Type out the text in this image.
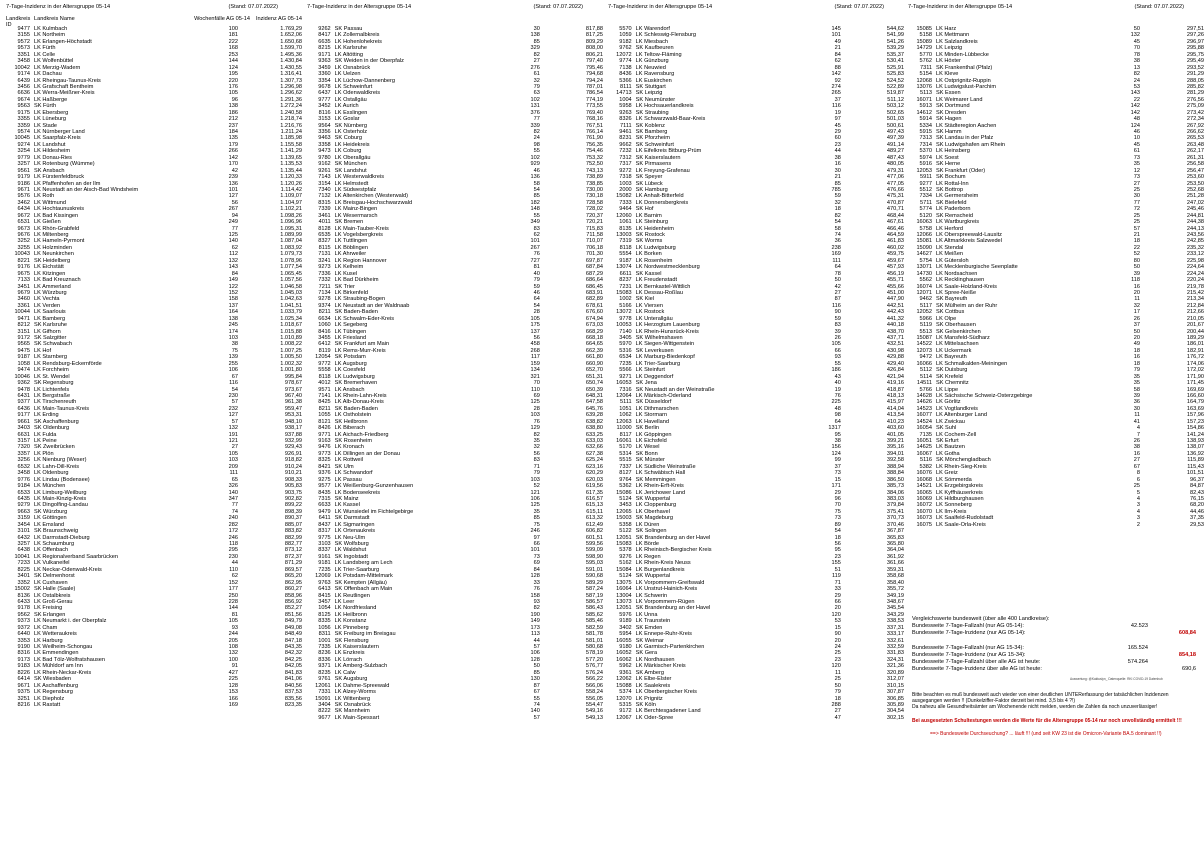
7-Tage-Inzidenz in der Altersgruppe 05-14	(Stand: 07.07.2022)
Landkreis ID
Landkreis Name	Wochenfälle AG 05-14	Inzidenz AG 05-14
9477 LK Kulmbach	100	1.769,29
3155 LK Northeim	181	1.652,06
9572 LK Erlangen-Höchstadt	222	1.650,68
9573 LK Fürth	168	1.599,70
3351 LK Celle	253	1.495,36
3458 LK Wolfenbüttel	144	1.430,84
10042 LK Merzig-Wadern	124	1.430,55
9174 LK Dachau	195	1.316,41
6439 LK Rheingau-Taunus-Kreis	220	1.307,73
3456 LK Grafschaft Bentheim	176	1.296,98
6636 LK Werra-Meißner-Kreis	105	1.296,62
9674 LK Haßberge	96	1.291,36
9563 SK Fürth	138	1.272,24
9175 LK Ebersberg	186	1.240,58
3355 LK Lüneburg	212	1.218,74
3359 LK Stade	237	1.216,76
9574 LK Nürnberger Land	184	1.211,24
10045 LK Saarpfalz-Kreis	135	1.185,98
9274 LK Landshut	179	1.155,58
3254 LK Hildesheim	266	1.141,29
9779 LK Donau-Ries	142	1.139,65
3257 LK Rotenburg (Wümme)	170	1.135,53
9561 SK Ansbach	42	1.135,44
9179 LK Fürstenfeldbruck	239	1.120,33
9186 LK Pfaffenhofen an der Ilm	136	1.120,26
9671 LK Neustadt an der Aisch-Bad Windsheim	101	1.114,42
9576 LK Roth	127	1.109,07
3462 LK Wittmund	56	1.104,97
6434 LK Hochtaunuskreis	267	1.102,21
9672 LK Bad Kissingen	94	1.098,26
6531 LK Gießen	249	1.096,96
9673 LK Rhön-Grabfeld	77	1.095,31
9676 LK Miltenberg	125	1.089,99
3252 LK Hameln-Pyrmont	140	1.087,04
3255 LK Holzminden	62	1.083,92
10043 LK Neunkirchen	112	1.079,73
8221 SK Heidelberg	132	1.078,96
9176 LK Eichstätt	143	1.077,54
9675 LK Kitzingen	84	1.065,45
7133 LK Bad Kreuznach	149	1.057,56
3451 LK Ammerland	122	1.046,58
9679 LK Würzburg	152	1.045,03
3460 LK Vechta	158	1.042,63
3361 LK Verden	137	1.041,51
10044 LK Saarlouis	164	1.033,79
9471 LK Bamberg	138	1.025,34
8212 SK Karlsruhe	245	1.018,67
3151 LK Gifhorn	174	1.015,88
9172 SK Salzgitter	103	1.010,89
9565 SK Schwabach	38	1.008,22
9475 LK Hof	75	1.007,25
9187 LK Starnberg	139	1.005,50
1058 LK Rendsburg-Eckernförde	255	1.002,32
9474 LK Forchheim	106	1.001,80
10046 LK St. Wendel	67	995,84
9362 SK Regensburg	116	978,67
9478 LK Lichtenfels	54	973,67
6431 LK Bergstraße	230	967,40
9377 LK Tirschenreuth	57	961,38
6436 LK Main-Taunus-Kreis	232	959,47
9177 LK Erding	127	953,31
9661 SK Aschaffenburg	57	948,10
3403 SK Oldenburg	132	938,17
6631 LK Fulda	191	937,88
3157 LK Peine	121	932,99
7320 SK Zweibrücken	27	929,43
3357 LK Plön	105	926,91
3256 LK Nienburg (Weser)	103	918,82
6532 LK Lahn-Dill-Kreis	209	910,24
3458 LK Oldenburg	111	910,21
9776 LK Lindau (Bodensee)	65	908,33
9184 LK München	326	905,83
6533 LK Limburg-Weilburg	140	903,75
6435 LK Main-Kinzig-Kreis	347	902,82
9279 LK Dingolfing-Landau	77	899,22
9663 SK Würzburg	74	898,39
3159 LK Göttingen	240	890,37
3454 LK Emsland	282	885,07
3101 SK Braunschweig	172	883,82
6432 LK Darmstadt-Dieburg	246	882,99
3257 LK Schaumburg	118	882,77
6438 LK Offenbach	295	873,12
10041 LK Regionalverband Saarbrücken	230	872,37
7233 LK Vulkaneifel	44	871,29
8225 LK Neckar-Odenwald-Kreis	110	869,57
3401 SK Delmenhorst	62	865,20
3352 LK Cuxhaven	152	862,95
15002 SK Halle (Saale)	177	860,27
8136 LK Ostalbkreis	250	858,96
6433 LK Groß-Gerau	228	856,92
9178 LK Freising	144	852,27
9562 SK Erlangen	81	851,56
9373 LK Neumarkt i. der Oberpfalz	105	849,79
9372 LK Cham	93	849,08
6440 LK Wetteraukreis	244	848,49
3353 LK Harburg	205	847,18
9190 LK Weilheim-Schongau	108	843,35
8316 LK Emmendingen	132	842,32
9173 LK Bad Tölz-Wolfratshausen	100	842,25
9183 LK Mühldorf am Inn	91	842,05
8226 LK Rhein-Neckar-Kreis	427	841,83
6414 SK Wiesbaden	225	841,06
9671 LK Aschaffenburg	128	840,56
9375 LK Regensburg	153	837,53
3251 LK Diepholz	166	835,56
8216 LK Rastatt	169	823,35
7-Tage-Inzidenz in der Altersgruppe 05-14	(Stand: 07.07.2022)
9262 SK Passau	30	817,88
8417 LK Zollernalbkreis	138	817,25
6635 LK Hohenlohekreis	85	809,29
8215 LK Karlsruhe	329	808,00
9171 LK Altötting	82	806,21
9363 SK Weiden in der Oberpfalz	27	797,40
3459 LK Osnabrück	276	795,46
3360 LK Uelzen	61	794,68
3354 LK Lüchow-Dannenberg	32	794,24
9678 LK Schweinfurt	79	787,01
6437 LK Odenwaldkreis	63	786,54
9777 LK Ostallgäu	102	774,19
3452 LK Aurich	131	773,55
8116 LK Esslingen	376	769,40
3153 LK Goslar	77	768,16
9564 SK Nürnberg	339	767,51
3356 LK Osterholz	82	766,14
9463 SK Coburg	24	761,90
3358 LK Heidekreis	98	756,35
9473 LK Coburg	55	754,46
9780 LK Oberallgäu	102	753,32
9162 SK München	929	752,50
9261 SK Landshut	46	743,13
7143 LK Westerwaldkreis	136	738,89
3154 LK Helmstedt	58	738,85
7340 LK Südwestpfalz	54	730,00
7132 LK Altenkirchen (Westerwald)	85	730,18
8315 LK Breisgau-Hochschwarzwald	182	728,58
7339 LK Mainz-Bingen	148	728,02
3461 LK Wesermarsch	55	720,37
4011 SK Bremen	349	720,21
8128 LK Main-Tauber-Kreis	83	715,83
6535 LK Vogelsbergkreis	62	711,58
8327 LK Tuttlingen	101	710,07
8115 LK Böblingen	267	706,18
7131 LK Ahrweiler	76	701,30
3241 LK Region Hannover	727	697,87
9273 LK Kelheim	81	687,84
7336 LK Kusel	40	687,29
7332 LK Bad Dürkheim	79	686,64
7211 SK Trier	59	686,45
7134 LK Birkenfeld	46	683,91
9278 LK Straubing-Bogen	64	682,89
9374 LK Neustadt an der Waldnaab	54	678,61
8211 SK Baden-Baden	28	676,60
6634 LK Schwalm-Eder-Kreis	105	674,94
1060 LK Segeberg	175	673,03
8416 LK Tübingen	137	668,29
3455 LK Friesland	56	668,18
6412 SK Frankfurt am Main	458	664,65
8119 LK Rems-Murr-Kreis	268	662,39
12054 SK Potsdam	117	661,80
9772 LK Augsburg	159	660,90
5558 LK Coesfeld	134	652,70
8118 LK Ludwigsburg	321	651,31
4012 SK Bremerhaven	70	650,74
9571 LK Ansbach	110	650,39
7141 LK Rhein-Lahn-Kreis	69	648,31
8425 LK Alb-Donau-Kreis	125	647,58
8211 SK Baden-Baden	28	645,76
1055 LK Ostholstein	103	639,28
8121 SK Heilbronn	76	638,82
8426 LK Biberach	129	638,80
9771 LK Aichach-Friedberg	82	633,25
9163 SK Rosenheim	35	633,03
9476 LK Kronach	32	632,66
9773 LK Dillingen an der Donau	56	627,38
8325 LK Rottweil	83	625,24
8421 SK Ulm	71	623,16
9376 LK Schwandorf	79	620,29
9275 LK Passau	103	620,03
9577 LK Weißenburg-Gunzenhausen	52	619,56
8435 LK Bodenseekreis	121	617,35
7315 SK Mainz	106	616,57
6633 LK Kassel	125	615,13
9479 LK Wunsiedel im Fichtelgebirge	35	615,11
6411 SK Darmstadt	85	613,32
8437 LK Sigmaringen	75	612,49
8317 LK Ortenaukreis	246	606,82
9775 LK Neu-Ulm	97	601,51
3103 SK Wolfsburg	66	599,56
8337 LK Waldshut	101	599,09
9161 SK Ingolstadt	73	598,90
9181 LK Landsberg am Lech	69	595,03
7235 LK Trier-Saarburg	84	591,01
12069 LK Potsdam-Mittelmark	128	590,68
9763 SK Kempten (Allgäu)	33	589,29
6413 SK Offenbach am Main	76	587,24
8415 LK Reutlingen	158	587,19
3457 LK Leer	93	586,57
1054 LK Nordfriesland	82	586,43
8125 LK Heilbronn	190	585,62
8335 LK Konstanz	149	585,46
1056 LK Pinneberg	173	582,59
8311 SK Freiburg im Breisgau	113	581,78
1001 SK Flensburg	44	581,01
7335 LK Kaiserslautern	57	580,68
8236 LK Enzkreis	106	578,19
8336 LK Lörrach	128	577,20
9371 LK Amberg-Sulzbach	50	576,77
8235 LK Calw	85	576,24
9761 SK Augsburg	130	566,22
12061 LK Dahme-Spreewald	87	566,06
7331 LK Alzey-Worms	67	558,24
15091 LK Wittenberg	55	556,05
3404 SK Osnabrück	74	554,47
8222 SK Mannheim	140	549,16
9677 LK Main-Spessart	57	549,13
7-Tage-Inzidenz in der Altersgruppe 05-14	(Stand: 07.07.2022)
5570 LK Warendorf	145	544,62
1059 LK Schleswig-Flensburg	101	541,99
9182 LK Miesbach	49	541,26
9762 SK Kaufbeuren	21	539,29
12072 LK Teltow-Fläming	84	535,37
9774 LK Günzburg	62	530,41
7138 LK Neuwied	88	525,91
8436 LK Ravensburg	142	525,83
5366 LK Euskirchen	92	524,52
8111 SK Stuttgart	274	522,89
14713 SK Leipzig	265	519,87
1004 SK Neumünster	37	511,12
5958 LK Hochsauerlandkreis	116	503,12
9263 SK Straubing	19	502,65
8326 LK Schwarzwald-Baar-Kreis	97	501,03
7111 SK Koblenz	45	500,61
9461 SK Bamberg	29	497,43
8231 SK Pforzheim	60	497,39
9662 SK Schweinfurt	23	491,14
7232 LK Eifelkreis Bitburg-Prüm	44	489,27
7312 SK Kaiserslautern	38	487,43
7317 SK Pirmasens	16	480,05
9272 LK Freyung-Grafenau	30	479,31
7318 SK Speyer	21	477,06
1003 SK Lübeck	85	477,05
2000 SK Hamburg	785	476,66
15082 LK Anhalt-Bitterfeld	59	475,31
7333 LK Donnersbergkreis	32	470,87
9464 SK Hof	18	470,71
12060 LK Barnim	82	468,44
1061 LK Steinburg	54	467,61
8135 LK Heidenheim	58	466,46
13003 SK Rostock	74	464,59
7319 SK Worms	36	461,83
8118 LK Ludwigsburg	238	460,02
5554 LK Borken	169	459,75
9187 LK Rosenheim	111	459,67
13074 LK Nordwestmecklenburg	64	457,93
6611 SK Kassel	78	456,19
8237 LK Freudenstadt	50	455,71
7231 LK Bernkastel-Wittlich	42	455,66
15083 LK Dessau-Roßlau	27	451,00
1002 SK Kiel	87	447,90
5166 LK Viersen	116	442,51
13072 LK Rostock	90	442,43
9778 LK Unterallgäu	59	441,32
10053 LK Herzogtum Lauenburg	83	440,18
7140 LK Rhein-Hunsrück-Kreis	39	438,70
3405 SK Wilhelmshaven	26	437,71
5970 LK Siegen-Wittgenstein	105	432,51
5316 SK Leverkusen	66	430,98
6534 LK Marburg-Biedenkopf	93	429,88
7235 LK Trier-Saarburg	55	429,40
5566 LK Steinfurt	186	426,84
9271 LK Deggendorf	43	421,94
16053 SK Jena	40	419,16
7316 SK Neustadt an der Weinstraße	19	418,87
12064 LK Märkisch-Oderland	76	418,13
5111 SK Düsseldorf	225	415,97
1051 LK Dithmarschen	48	414,04
1062 LK Stormarn	98	413,54
12063 LK Havelland	64	410,23
11000 SK Berlin	1317	403,60
8117 LK Göppingen	95	401,05
16061 LK Eichsfeld	38	399,21
5170 LK Wesel	156	395,16
5314 SK Bonn	124	394,01
5515 SK Münster	99	392,58
7337 LK Südliche Weinstraße	37	388,94
8127 LK Schwäbisch Hall	73	388,84
9764 SK Memmingen	15	386,50
5362 LK Rhein-Erft-Kreis	171	385,73
15086 LK Jerichower Land	29	384,06
5124 SK Wuppertal	96	383,03
3453 LK Cloppenburg	70	379,84
12065 LK Oberhavel	75	375,41
15003 SK Magdeburg	73	370,73
5358 LK Düren	89	370,46
5122 SK Solingen	54	367,87
12051 SK Brandenburg an der Havel	18	365,83
15083 LK Börde	56	365,80
5378 LK Rheinisch-Bergischer Kreis	95	364,04
9276 LK Regen	23	361,92
5162 LK Rhein-Kreis Neuss	155	361,66
15084 LK Burgenlandkreis	51	359,31
5124 SK Wuppertal	119	358,68
13075 LK Vorpommern-Greifswald	71	358,40
16064 LK Unstrut-Hainich-Kreis	33	355,72
13004 LK Schwerin	29	349,19
13073 LK Vorpommern-Rügen	66	348,67
12051 SK Brandenburg an der Havel	20	345,54
5976 LK Unna	120	343,29
9189 LK Traunstein	53	338,53
3402 SK Emden	15	337,31
5954 LK Ennepe-Ruhr-Kreis	90	333,17
16055 SK Weimar	20	332,61
9180 LK Garmisch-Partenkirchen	24	332,59
16052 SK Gera	25	331,83
16062 LK Nordhausen	23	324,31
5962 LK Märkischer Kreis	120	321,36
9361 SK Amberg	11	320,89
12062 LK Elbe-Elster	25	312,07
15088 LK Saalekreis	50	310,15
5374 LK Oberbergischer Kreis	79	307,87
12070 LK Prignitz	18	306,85
5315 SK Köln	288	305,89
9172 LK Berchtesgadener Land	27	304,54
12067 LK Oder-Spree	47	302,15
7-Tage-Inzidenz in der Altersgruppe 05-14	(Stand: 07.07.2022)
15085 LK Harz	50	297,51
5158 LK Mettmann	132	297,26
15089 LK Salzlandkreis	45	296,97
14729 LK Leipzig	70	295,88
5770 LK Minden-Lübbecke	78	295,75
5762 LK Höxter	38	295,49
7311 SK Frankenthal (Pfalz)	13	293,52
5154 LK Kleve	82	291,29
12068 LK Ostprignitz-Ruppin	24	288,05
13076 LK Ludwigslust-Parchim	53	285,82
5113 SK Essen	143	281,29
16071 LK Weimarer Land	22	276,56
5913 SK Dortmund	142	275,09
14612 SK Dresden	142	273,42
5914 SK Hagen	48	272,34
5334 LK Städteregion Aachen	124	267,92
5915 SK Hamm	46	266,62
7313 SK Landau in der Pfalz	10	265,53
7314 SK Ludwigshafen am Rhein	45	263,48
5370 LK Heinsberg	61	262,17
5974 LK Soest	73	261,31
5916 SK Herne	35	256,58
12053 SK Frankfurt (Oder)	12	256,47
5911 SK Bochum	73	253,60
9277 LK Rottal-Inn	27	253,50
5512 SK Bottrop	25	252,68
7334 LK Germersheim	30	251,28
5711 SK Bielefeld	77	247,02
5774 LK Paderborn	72	245,46
5120 SK Remscheid	25	244,81
16063 LK Wartburgkreis	25	244,38
5758 LK Herford	57	244,13
12066 LK Oberspreewald-Lausitz	21	243,56
15081 LK Altmarkkreis Salzwedel	18	242,85
15090 LK Stendal	22	235,32
14627 LK Meißen	52	233,12
5754 LK Gütersloh	80	225,98
13071 LK Mecklenburgische Seenplatte	50	224,64
14730 LK Nordsachsen	39	224,24
5562 LK Recklinghausen	118	220,24
16074 LK Saale-Holzland-Kreis	16	219,78
12071 LK Spree-Neiße	20	215,42
9462 SK Bayreuth	11	213,34
5117 SK Mülheim an der Ruhr	32	212,84
12052 SK Cottbus	17	212,66
5966 LK Olpe	26	210,05
5119 SK Oberhausen	37	201,67
5513 SK Gelsenkirchen	50	200,44
15087 LK Mansfeld-Südharz	20	189,29
14522 LK Mittelsachsen	49	186,01
12073 LK Uckermark	18	182,91
9472 LK Bayreuth	16	176,72
16066 LK Schmalkalden-Meiningen	18	174,06
5112 SK Duisburg	79	172,02
5114 SK Krefeld	35	171,90
14511 SK Chemnitz	35	171,45
5766 LK Lippe	58	169,69
14628 LK Sächsische Schweiz-Osterzgebirge	39	166,60
14626 LK Görlitz	36	164,79
14523 LK Vogtlandkreis	30	163,69
16077 LK Altenburger Land	11	157,96
14524 LK Zwickau	41	157,23
16054 SK Suhl	4	154,86
7135 LK Cochem-Zell	7	141,24
16051 SK Erfurt	26	138,93
14625 LK Bautzen	38	138,07
16067 LK Gotha	16	136,92
5116 SK Mönchengladbach	27	115,89
5382 LK Rhein-Sieg-Kreis	67	115,43
16076 LK Greiz	8	101,51
16068 LK Sömmerda	6	96,37
14521 LK Erzgebirgskreis	25	84,87
16065 LK Kyffhäuserkreis	5	82,43
16069 LK Hildburghausen	4	76,15
16072 LK Sonneberg	3	68,20
16070 LK Ilm-Kreis	4	44,46
16073 LK Saalfeld-Rudolstadt	3	37,35
16075 LK Saale-Orla-Kreis	2	29,53
Vergleichswerte bundesweit (über alle 400 Landkreise):
Bundesweite 7-Tage-Fallzahl (nur AG 05-14):	42.523
Bundesweite 7-Tage-Inzidenz (nur AG 05-14):	608,84
Bundesweite 7-Tage-Fallzahl (nur AG 15-34):	165.524
Bundesweite 7-Tage-Inzidenz (nur AG 15-34):	854,18
Bundesweite 7-Tage-Fallzahl über alle AG ist heute:	574.264
Bundesweite 7-Tage-Inzidenz über alle AG ist heute:	690,6
Auswertung: @Kaktuslyn_ Datenquelle: RKI COVID-19 Datenhub
Bitte beachten es muß bundesweit auch wieder von einer deutlichen UNTERerfassung der tatsächlichen Inzidenzen ausgegangen werden !! (Dunkelziffer-Faktor derzeit bei mind. 3,5 bis 4 ?!)
Da nahezu alle Gesundheitsämter am Wochenende nicht melden, werden die Zahlen da noch unzuverlässiger!
Bei ausgesetzten Schultestungen werden die Werte für die Altersgruppe 05-14 nur noch unvollständig ermittelt !!!
==> Bundesweite Durchseuchung? ... läuft !!! (und seit KW 23 ist die Omicron-Variante BA.5 dominant !!)
